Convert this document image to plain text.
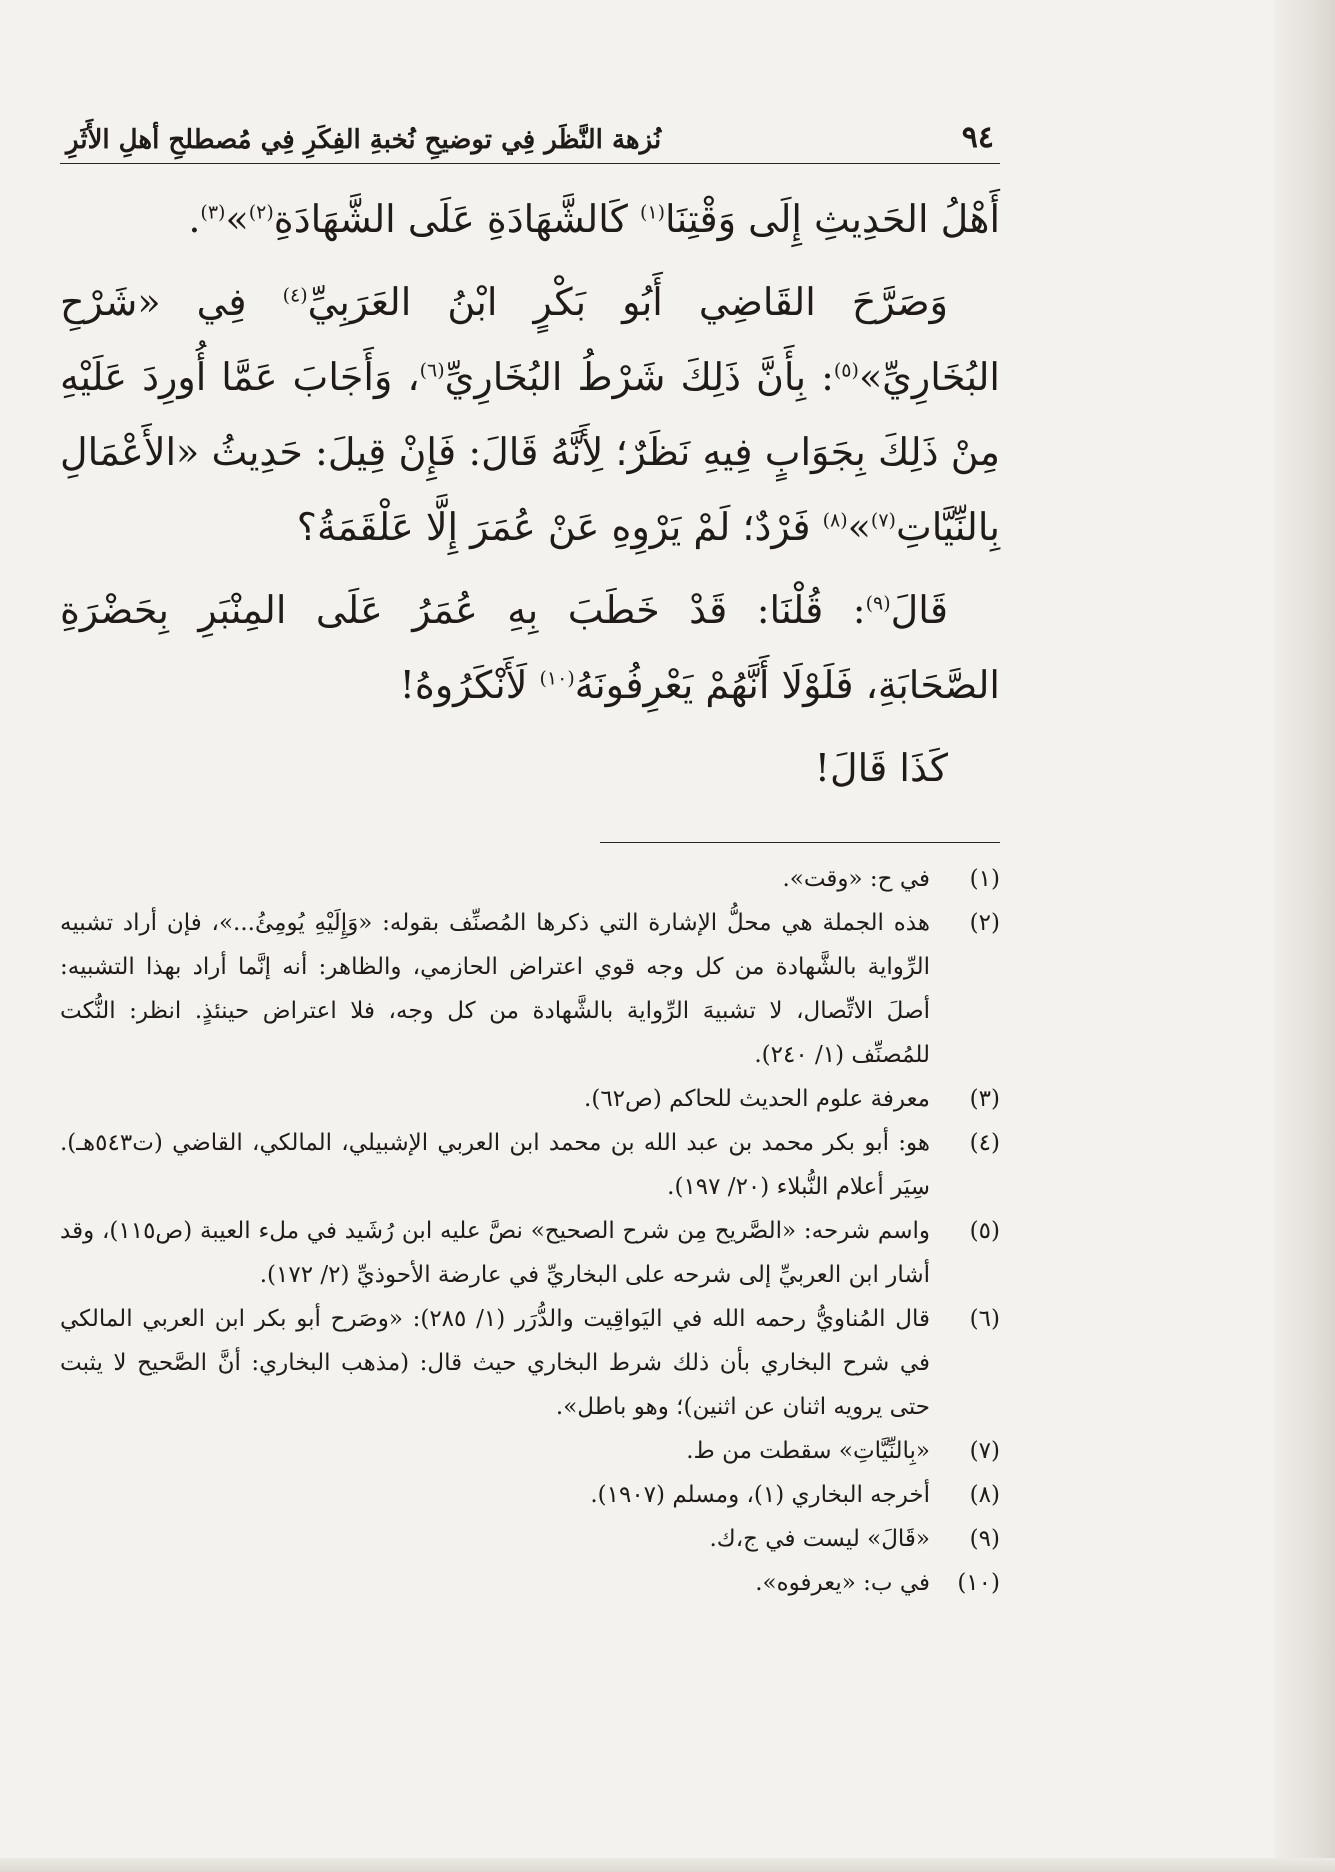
٩٤
نُزهة النَّظَر فِي توضيحِ نُخبةِ الفِكَرِ فِي مُصطلحِ أهلِ الأَثَرِ

أَهْلُ الحَدِيثِ إِلَى وَقْتِنَا$^{(١)}$ كَالشَّهَادَةِ عَلَى الشَّهَادَةِ$^{(٢)}$»$^{(٣)}$.

وَصَرَّحَ القَاضِي أَبُو بَكْرٍ ابْنُ العَرَبِيِّ$^{(٤)}$ فِي «شَرْحِ البُخَارِيِّ»$^{(٥)}$: بِأَنَّ ذَلِكَ شَرْطُ البُخَارِيِّ$^{(٦)}$، وَأَجَابَ عَمَّا أُورِدَ عَلَيْهِ مِنْ ذَلِكَ بِجَوَابٍ فِيهِ نَظَرٌ؛ لِأَنَّهُ قَالَ: فَإِنْ قِيلَ: حَدِيثُ «الأَعْمَالِ بِالنِّيَّاتِ$^{(٧)}$»$^{(٨)}$ فَرْدٌ؛ لَمْ يَرْوِهِ عَنْ عُمَرَ إِلَّا عَلْقَمَةُ؟

قَالَ$^{(٩)}$: قُلْنَا: قَدْ خَطَبَ بِهِ عُمَرُ عَلَى المِنْبَرِ بِحَضْرَةِ الصَّحَابَةِ، فَلَوْلَا أَنَّهُمْ يَعْرِفُونَهُ$^{(١٠)}$ لَأَنْكَرُوهُ!

كَذَا قَالَ!

(١)
في ح: «وقت».
(٢)
هذه الجملة هي محلُّ الإشارة التي ذكرها المُصنِّف بقوله: «وَإِلَيْهِ يُومِئُ...»، فإن أراد تشبيه الرِّواية بالشَّهادة من كل وجه قوي اعتراض الحازمي، والظاهر: أنه إنَّما أراد بهذا التشبيه: أصلَ الاتِّصال، لا تشبيهَ الرِّواية بالشَّهادة من كل وجه، فلا اعتراض حينئذٍ. انظر: النُّكت للمُصنِّف (١/ ٢٤٠).
(٣)
معرفة علوم الحديث للحاكم (ص٦٢).
(٤)
هو: أبو بكر محمد بن عبد الله بن محمد ابن العربي الإشبيلي، المالكي، القاضي (ت٥٤٣هـ). سِيَر أعلام النُّبلاء (٢٠/ ١٩٧).
(٥)
واسم شرحه: «الصَّريح مِن شرح الصحيح» نصَّ عليه ابن رُشَيد في ملء العيبة (ص١١٥)، وقد أشار ابن العربيِّ إلى شرحه على البخاريِّ في عارضة الأحوذيِّ (٢/ ١٧٢).
(٦)
قال المُناويُّ رحمه الله في اليَواقِيت والدُّرَر (١/ ٢٨٥): «وصَرح أبو بكر ابن العربي المالكي في شرح البخاري بأن ذلك شرط البخاري حيث قال: (مذهب البخاري: أنَّ الصَّحيح لا يثبت حتى يرويه اثنان عن اثنين)؛ وهو باطل».
(٧)
«بِالنِّيَّاتِ» سقطت من ط.
(٨)
أخرجه البخاري (١)، ومسلم (١٩٠٧).
(٩)
«قَالَ» ليست في ج،ك.
(١٠)
في ب: «يعرفوه».
